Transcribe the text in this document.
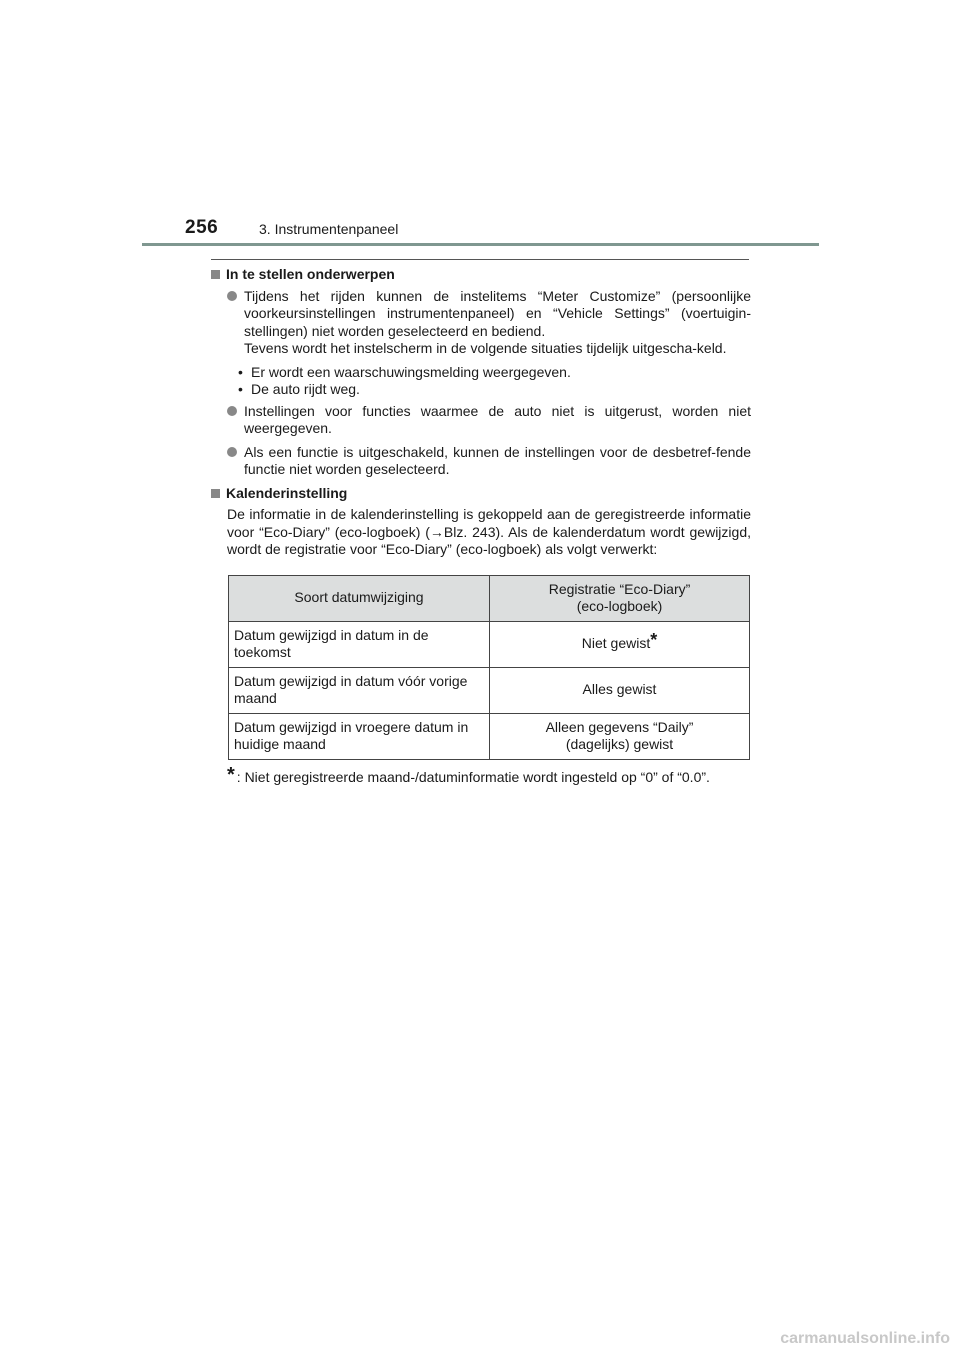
256	3. Instrumentenpaneel
In te stellen onderwerpen
Tijdens het rijden kunnen de instelitems “Meter Customize” (persoonlijke voorkeursinstellingen instrumentenpaneel) en “Vehicle Settings” (voertuigin-stellingen) niet worden geselecteerd en bediend.
Tevens wordt het instelscherm in de volgende situaties tijdelijk uitgescha-keld.
• Er wordt een waarschuwingsmelding weergegeven.
• De auto rijdt weg.
Instellingen voor functies waarmee de auto niet is uitgerust, worden niet weergegeven.
Als een functie is uitgeschakeld, kunnen de instellingen voor de desbetref-fende functie niet worden geselecteerd.
Kalenderinstelling
De informatie in de kalenderinstelling is gekoppeld aan de geregistreerde informatie voor “Eco-Diary” (eco-logboek) (→Blz. 243). Als de kalenderdatum wordt gewijzigd, wordt de registratie voor “Eco-Diary” (eco-logboek) als volgt verwerkt:
Soort datumwijziging	Registratie “Eco-Diary”
(eco-logboek)

Datum gewijzigd in datum in de toekomst	Niet gewist*
Datum gewijzigd in datum vóór vorige maand	Alles gewist
Datum gewijzigd in vroegere datum in huidige maand	Alleen gegevens “Daily”
(dagelijks) gewist
* : Niet geregistreerde maand-/datuminformatie wordt ingesteld op “0” of “0.0”.
carmanualsonline.info
